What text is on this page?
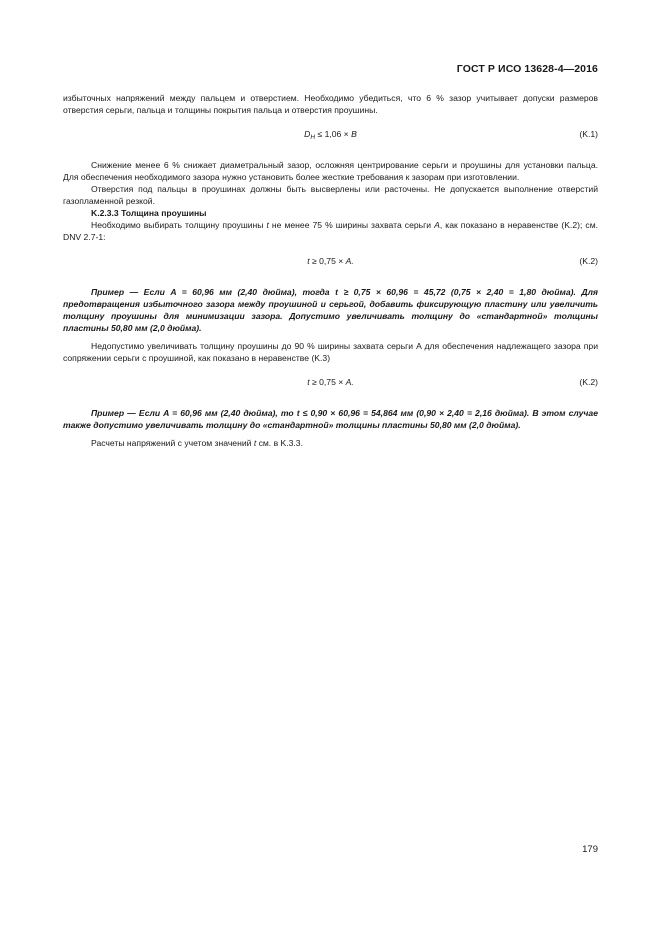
ГОСТ Р ИСО 13628-4—2016

избыточных напряжений между пальцем и отверстием. Необходимо убедиться, что 6 % зазор учитывает допуски размеров отверстия серьги, пальца и толщины покрытия пальца и отверстия проушины.

$D_H \le 1,06 \times B$	(K.1)

Снижение менее 6 % снижает диаметральный зазор, осложняя центрирование серьги и проушины для установки пальца. Для обеспечения необходимого зазора нужно установить более жесткие требования к зазорам при изготовлении.

Отверстия под пальцы в проушинах должны быть высверлены или расточены. Не допускается выполнение отверстий газопламенной резкой.

K.2.3.3 Толщина проушины

Необходимо выбирать толщину проушины t не менее 75 % ширины захвата серьги A, как показано в неравенстве (K.2); см. DNV 2.7-1:

t ≥ 0,75 × A.	(K.2)

Пример — Если A = 60,96 мм (2,40 дюйма), тогда t ≥ 0,75 × 60,96 = 45,72 (0,75 × 2,40 = 1,80 дюйма). Для предотвращения избыточного зазора между проушиной и серьгой, добавить фиксирующую пластину или увеличить толщину проушины для минимизации зазора. Допустимо увеличивать толщину до «стандартной» толщины пластины 50,80 мм (2,0 дюйма).

Недопустимо увеличивать толщину проушины до 90 % ширины захвата серьги A для обеспечения надлежащего зазора при сопряжении серьги с проушиной, как показано в неравенстве (K.3)

t ≥ 0,75 × A.	(K.2)

Пример — Если A = 60,96 мм (2,40 дюйма), то t ≤ 0,90 × 60,96 = 54,864 мм (0,90 × 2,40 = 2,16 дюйма). В этом случае также допустимо увеличивать толщину до «стандартной» толщины пластины 50,80 мм (2,0 дюйма).

Расчеты напряжений с учетом значений t см. в K.3.3.

179
